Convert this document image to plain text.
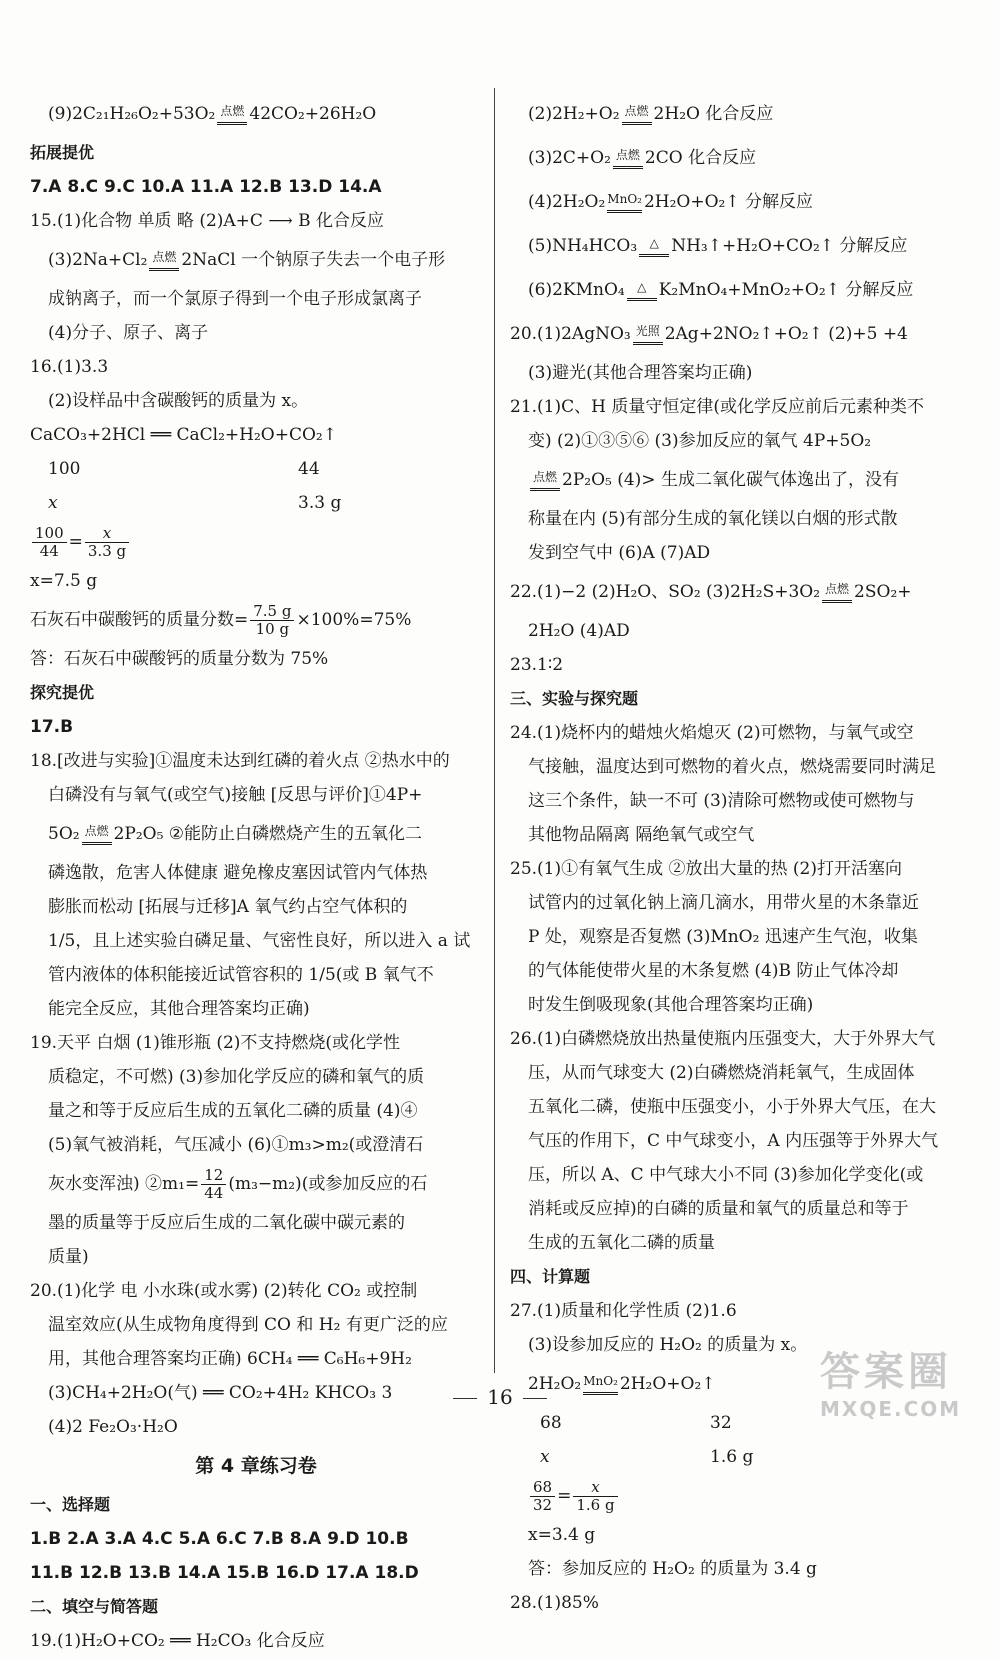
(9)2C₂₁H₂₆O₂+53O₂ 点燃 42CO₂+26H₂O
拓展提优
7.A 8.C 9.C 10.A 11.A 12.B 13.D 14.A
15.(1)化合物 单质 略 (2)A+C ⟶ B 化合反应
(3)2Na+Cl₂ 点燃 2NaCl 一个钠原子失去一个电子形
成钠离子，而一个氯原子得到一个电子形成氯离子
(4)分子、原子、离子
16.(1)3.3
(2)设样品中含碳酸钙的质量为 x。
CaCO₃+2HCl ══ CaCl₂+H₂O+CO₂↑
100	44
x	3.3 g
$\frac{100}{44} = \frac{x}{3.3 g}$
x=7.5 g
石灰石中碳酸钙的质量分数= $\frac{7.5 g}{10 g} \times 100\%=75\%$
答：石灰石中碳酸钙的质量分数为 75%
探究提优
17.B
18.[改进与实验]①温度未达到红磷的着火点 ②热水中的
白磷没有与氧气(或空气)接触 [反思与评价]①4P+
5O₂ 点燃 2P₂O₅ ②能防止白磷燃烧产生的五氧化二
磷逸散，危害人体健康 避免橡皮塞因试管内气体热
膨胀而松动 [拓展与迁移]A 氧气约占空气体积的
1/5，且上述实验白磷足量、气密性良好，所以进入 a 试
管内液体的体积能接近试管容积的 1/5(或 B 氧气不
能完全反应，其他合理答案均正确)
19.天平 白烟 (1)锥形瓶 (2)不支持燃烧(或化学性
质稳定，不可燃) (3)参加化学反应的磷和氧气的质
量之和等于反应后生成的五氧化二磷的质量 (4)④
(5)氧气被消耗，气压减小 (6)①m₃>m₂(或澄清石
灰水变浑浊) ②m₁= $\frac{12}{44} (m_3-m_2)$(或参加反应的石
墨的质量等于反应后生成的二氧化碳中碳元素的
质量)
20.(1)化学 电 小水珠(或水雾) (2)转化 CO₂ 或控制
温室效应(从生成物角度得到 CO 和 H₂ 有更广泛的应
用，其他合理答案均正确) 6CH₄ ══ C₆H₆+9H₂
(3)CH₄+2H₂O(气) ══ CO₂+4H₂ KHCO₃ 3
(4)2 Fe₂O₃·H₂O
第 4 章练习卷
一、选择题
1.B 2.A 3.A 4.C 5.A 6.C 7.B 8.A 9.D 10.B
11.B 12.B 13.B 14.A 15.B 16.D 17.A 18.D
二、填空与简答题
19.(1)H₂O+CO₂ ══ H₂CO₃ 化合反应
(2)2H₂+O₂ 点燃 2H₂O 化合反应
(3)2C+O₂ 点燃 2CO 化合反应
(4)2H₂O₂ MnO₂ 2H₂O+O₂↑ 分解反应
(5)NH₄HCO₃	△ NH₃↑+H₂O+CO₂↑ 分解反应
(6)2KMnO₄	△ K₂MnO₄+MnO₂+O₂↑ 分解反应
20.(1)2AgNO₃ 光照 2Ag+2NO₂↑+O₂↑ (2)+5 +4
(3)避光(其他合理答案均正确)
21.(1)C、H 质量守恒定律(或化学反应前后元素种类不
变) (2)①③⑤⑥ (3)参加反应的氧气 4P+5O₂
点燃 2P₂O₅ (4)> 生成二氧化碳气体逸出了，没有
称量在内 (5)有部分生成的氧化镁以白烟的形式散
发到空气中 (6)A (7)AD
22.(1)−2 (2)H₂O、SO₂ (3)2H₂S+3O₂ 点燃 2SO₂+
2H₂O (4)AD
23.1∶2
三、实验与探究题
24.(1)烧杯内的蜡烛火焰熄灭 (2)可燃物，与氧气或空
气接触，温度达到可燃物的着火点，燃烧需要同时满足
这三个条件，缺一不可 (3)清除可燃物或使可燃物与
其他物品隔离 隔绝氧气或空气
25.(1)①有氧气生成 ②放出大量的热 (2)打开活塞向
试管内的过氧化钠上滴几滴水，用带火星的木条靠近
P 处，观察是否复燃 (3)MnO₂ 迅速产生气泡，收集
的气体能使带火星的木条复燃 (4)B 防止气体冷却
时发生倒吸现象(其他合理答案均正确)
26.(1)白磷燃烧放出热量使瓶内压强变大，大于外界大气
压，从而气球变大 (2)白磷燃烧消耗氧气，生成固体
五氧化二磷，使瓶中压强变小，小于外界大气压，在大
气压的作用下，C 中气球变小，A 内压强等于外界大气
压，所以 A、C 中气球大小不同 (3)参加化学变化(或
消耗或反应掉)的白磷的质量和氧气的质量总和等于
生成的五氧化二磷的质量
四、计算题
27.(1)质量和化学性质 (2)1.6
(3)设参加反应的 H₂O₂ 的质量为 x。
2H₂O₂ MnO₂ 2H₂O+O₂↑
68	32
x	1.6 g
$\frac{68}{32} = \frac{x}{1.6 g}$
x=3.4 g
答：参加反应的 H₂O₂ 的质量为 3.4 g
28.(1)85%
16
答案圈
MXQE.COM
